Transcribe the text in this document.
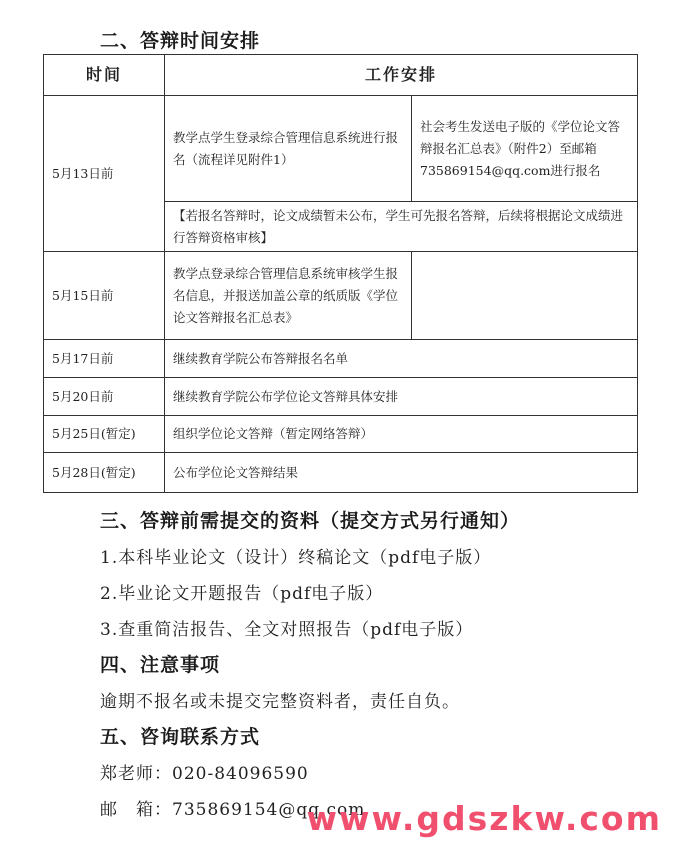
二、答辩时间安排
时间	工作安排	
5月13日前	教学点学生登录综合管理信息系统进行报名（流程详见附件1）	社会考生发送电子版的《学位论文答辩报名汇总表》（附件2）至邮箱735869154@qq.com进行报名
	【若报名答辩时，论文成绩暂未公布，学生可先报名答辩，后续将根据论文成绩进行答辩资格审核】	
5月15日前	教学点登录综合管理信息系统审核学生报名信息，并报送加盖公章的纸质版《学位论文答辩报名汇总表》	
5月17日前	继续教育学院公布答辩报名名单	
5月20日前	继续教育学院公布学位论文答辩具体安排	
5月25日(暂定)	组织学位论文答辩（暂定网络答辩）	
5月28日(暂定)	公布学位论文答辩结果	
三、答辩前需提交的资料（提交方式另行通知）
1.本科毕业论文（设计）终稿论文（pdf电子版）
2.毕业论文开题报告（pdf电子版）
3.查重简洁报告、全文对照报告（pdf电子版）
四、注意事项
逾期不报名或未提交完整资料者，责任自负。
五、咨询联系方式
郑老师：020-84096590
邮　箱：735869154@qq.com
www.gdszkw.com
